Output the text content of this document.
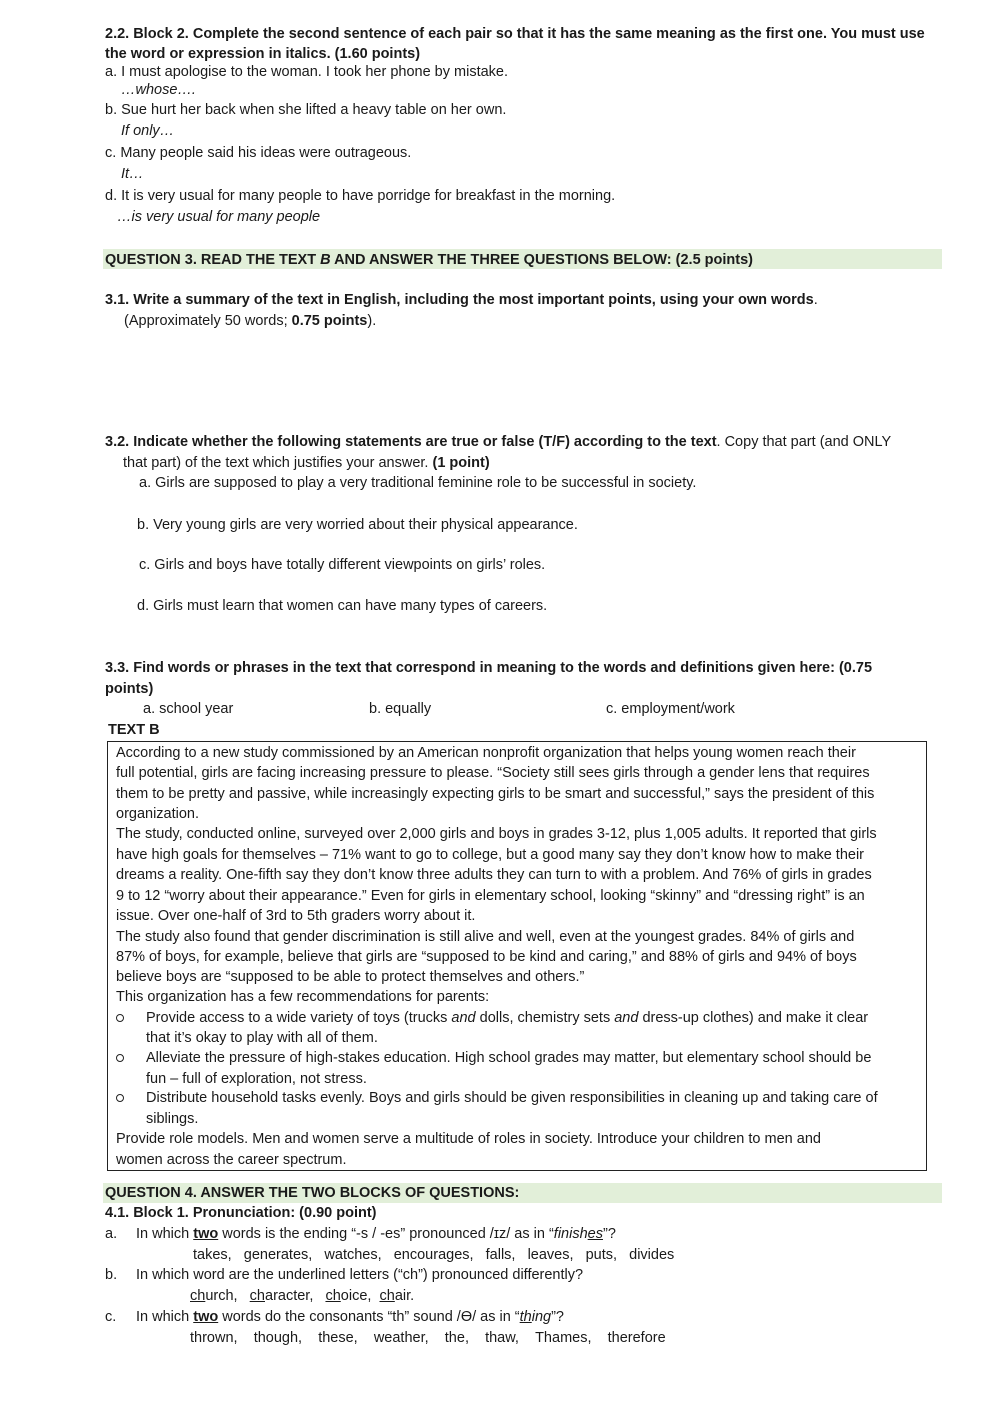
2.2. Block 2. Complete the second sentence of each pair so that it has the same meaning as the first one. You must use
the word or expression in italics. (1.60 points)
a. I must apologise to the woman. I took her phone by mistake.
…whose….
b. Sue hurt her back when she lifted a heavy table on her own.
If only…
c. Many people said his ideas were outrageous.
It…
d. It is very usual for many people to have porridge for breakfast in the morning.
…is very usual for many people
QUESTION 3. READ THE TEXT B AND ANSWER THE THREE QUESTIONS BELOW: (2.5 points)
3.1. Write a summary of the text in English, including the most important points, using your own words.
(Approximately 50 words; 0.75 points).
3.2. Indicate whether the following statements are true or false (T/F) according to the text. Copy that part (and ONLY
that part) of the text which justifies your answer. (1 point)
a. Girls are supposed to play a very traditional feminine role to be successful in society.
b. Very young girls are very worried about their physical appearance.
c. Girls and boys have totally different viewpoints on girls’ roles.
d. Girls must learn that women can have many types of careers.
3.3. Find words or phrases in the text that correspond in meaning to the words and definitions given here: (0.75
points)
a. school year	b. equally	c. employment/work
TEXT B
According to a new study commissioned by an American nonprofit organization that helps young women reach their
full potential, girls are facing increasing pressure to please. “Society still sees girls through a gender lens that requires
them to be pretty and passive, while increasingly expecting girls to be smart and successful,” says the president of this
organization.
The study, conducted online, surveyed over 2,000 girls and boys in grades 3-12, plus 1,005 adults. It reported that girls
have high goals for themselves – 71% want to go to college, but a good many say they don’t know how to make their
dreams a reality. One-fifth say they don’t know three adults they can turn to with a problem. And 76% of girls in grades
9 to 12 “worry about their appearance.” Even for girls in elementary school, looking “skinny” and “dressing right” is an
issue. Over one-half of 3rd to 5th graders worry about it.
The study also found that gender discrimination is still alive and well, even at the youngest grades. 84% of girls and
87% of boys, for example, believe that girls are “supposed to be kind and caring,” and 88% of girls and 94% of boys
believe boys are “supposed to be able to protect themselves and others.”
This organization has a few recommendations for parents:
Provide access to a wide variety of toys (trucks and dolls, chemistry sets and dress-up clothes) and make it clear
that it’s okay to play with all of them.
Alleviate the pressure of high-stakes education. High school grades may matter, but elementary school should be
fun – full of exploration, not stress.
Distribute household tasks evenly. Boys and girls should be given responsibilities in cleaning up and taking care of
siblings.
Provide role models. Men and women serve a multitude of roles in society. Introduce your children to men and
women across the career spectrum.
QUESTION 4. ANSWER THE TWO BLOCKS OF QUESTIONS:
4.1. Block 1. Pronunciation: (0.90 point)
a. In which two words is the ending “-s / -es” pronounced /ɪz/ as in “finishes”?
takes, generates, watches, encourages, falls, leaves, puts, divides
b. In which word are the underlined letters (“ch”) pronounced differently?
church, character, choice, chair.
c. In which two words do the consonants “th” sound /Ɵ/ as in “thing”?
thrown, though, these, weather, the, thaw, Thames, therefore
